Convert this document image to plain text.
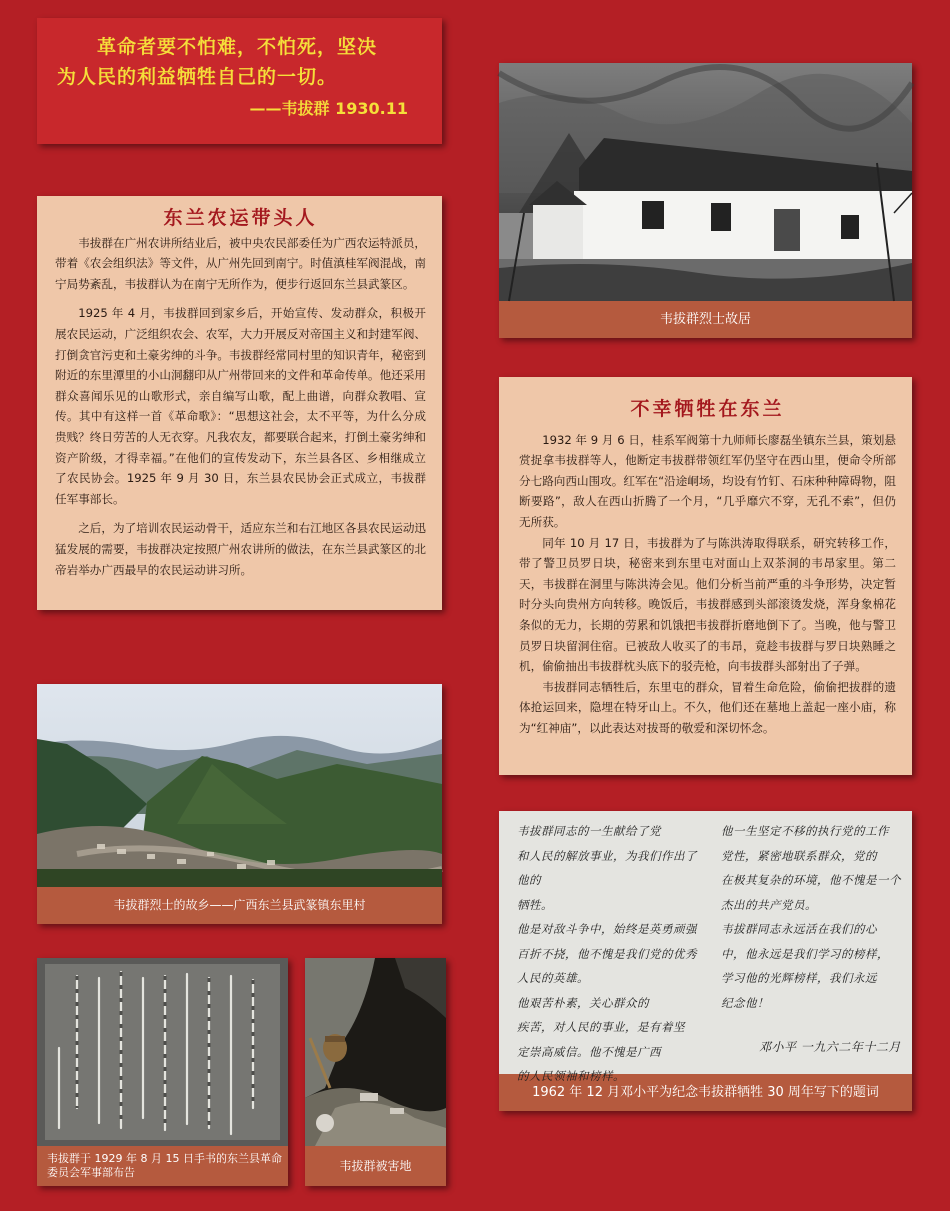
革命者要不怕难，不怕死，坚决

为人民的利益牺牲自己的一切。

——韦拔群 1930.11
东兰农运带头人

韦拔群在广州农讲所结业后，被中央农民部委任为广西农运特派员，带着《农会组织法》等文件，从广州先回到南宁。时值滇桂军阀混战，南宁局势紊乱，韦拔群认为在南宁无所作为，便步行返回东兰县武篆区。

1925 年 4 月，韦拔群回到家乡后，开始宣传、发动群众，积极开展农民运动，广泛组织农会、农军，大力开展反对帝国主义和封建军阀、打倒贪官污吏和土豪劣绅的斗争。韦拔群经常同村里的知识青年，秘密到附近的东里潭里的小山洞翻印从广州带回来的文件和革命传单。他还采用群众喜闻乐见的山歌形式，亲自编写山歌，配上曲谱，向群众教唱、宣传。其中有这样一首《革命歌》：“思想这社会，太不平等，为什么分成贵贱？终日劳苦的人无衣穿。凡我农友，都要联合起来，打倒土豪劣绅和资产阶级，才得幸福。”在他们的宣传发动下，东兰县各区、乡相继成立了农民协会。1925 年 9 月 30 日，东兰县农民协会正式成立，韦拔群任军事部长。

之后，为了培训农民运动骨干，适应东兰和右江地区各县农民运动迅猛发展的需要，韦拔群决定按照广州农讲所的做法，在东兰县武篆区的北帝岩举办广西最早的农民运动讲习所。

不幸牺牲在东兰

1932 年 9 月 6 日，桂系军阀第十九师师长廖磊坐镇东兰县，策划悬赏捉拿韦拔群等人，他断定韦拔群带领红军仍坚守在西山里，便命令所部分七路向西山围攻。红军在“沿途峒场，均设有竹钉、石床种种障碍物，阻断要路”，敌人在西山折腾了一个月，“几乎靡穴不穿，无孔不索”，但仍无所获。

同年 10 月 17 日，韦拔群为了与陈洪涛取得联系，研究转移工作，带了警卫员罗日块，秘密来到东里屯对面山上双茶洞的韦昂家里。第二天，韦拔群在洞里与陈洪涛会见。他们分析当前严重的斗争形势，决定暂时分头向贵州方向转移。晚饭后，韦拔群感到头部滚烫发烧，浑身象棉花条似的无力，长期的劳累和饥饿把韦拔群折磨地倒下了。当晚，他与警卫员罗日块留洞住宿。已被敌人收买了的韦昂，竟趁韦拔群与罗日块熟睡之机，偷偷抽出韦拔群枕头底下的驳壳枪，向韦拔群头部射出了子弹。

韦拔群同志牺牲后，东里屯的群众，冒着生命危险，偷偷把拔群的遗体抢运回来，隐埋在特牙山上。不久，他们还在墓地上盖起一座小庙，称为“红神庙”，以此表达对拔哥的敬爱和深切怀念。

韦拔群烈士故居
韦拔群烈士的故乡——广西东兰县武篆镇东里村
韦拔群于 1929 年 8 月 15 日手书的东兰县革命委员会军事部布告	韦拔群被害地
韦拔群同志的一生献给了党
和人民的解放事业，为我们作出了他的
牺牲。
他是对敌斗争中，始终是英勇顽强
百折不挠，他不愧是我们党的优秀
人民的英雄。
他艰苦朴素，关心群众的
疾苦，对人民的事业，是有着坚
定崇高威信。他不愧是广西
的人民领袖和榜样。
他一生坚定不移的执行党的工作
党性，紧密地联系群众，党的
在极其复杂的环境，他不愧是一个
杰出的共产党员。
韦拔群同志永远活在我们的心
中，他永远是我们学习的榜样，
学习他的光辉榜样，我们永远
纪念他！
邓小平 一九六二年十二月
1962 年 12 月邓小平为纪念韦拔群牺牲 30 周年写下的题词
